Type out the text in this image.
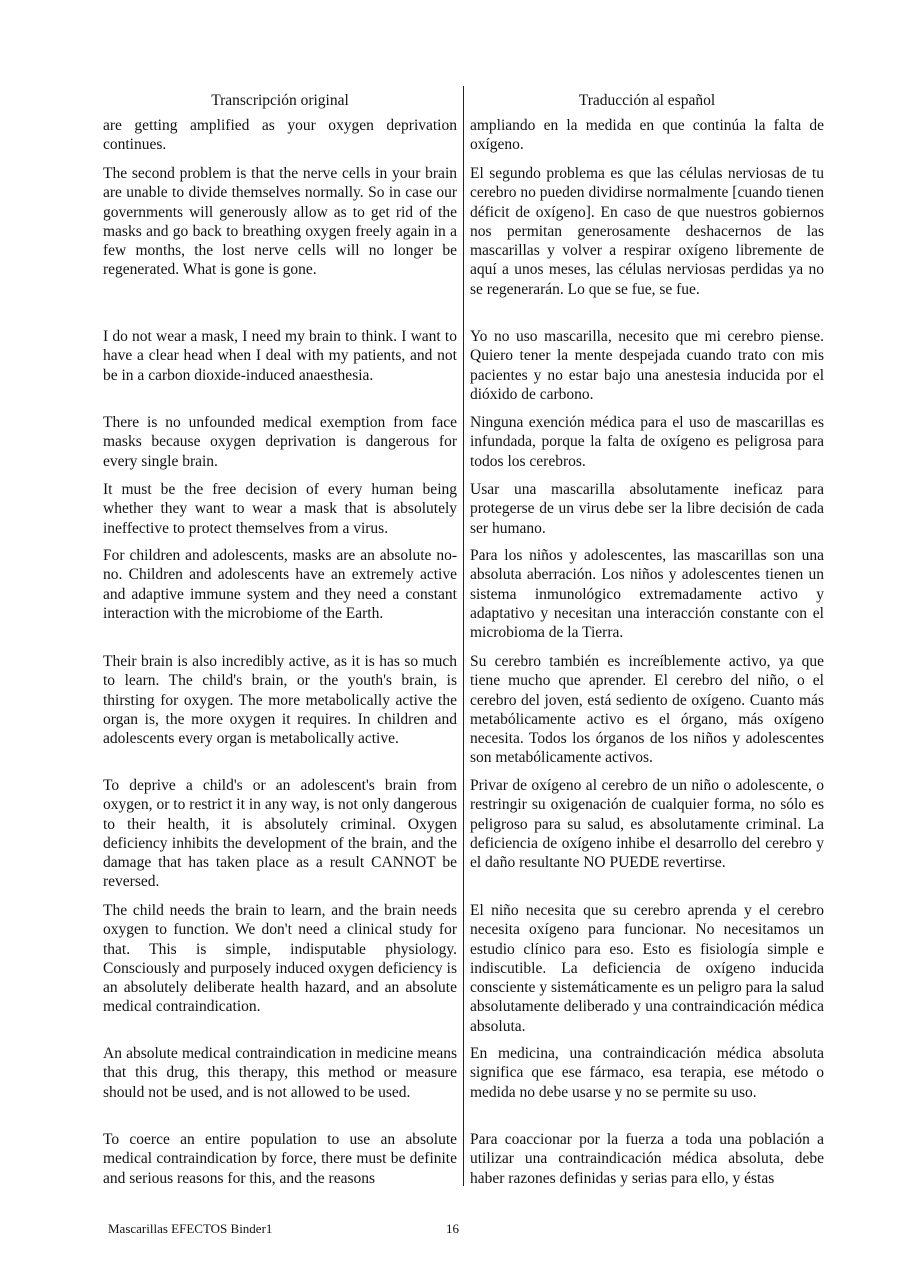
Transcripción original	Traducción al español

are getting amplified as your oxygen deprivation continues.

ampliando en la medida en que continúa la falta de oxígeno.

The second problem is that the nerve cells in your brain are unable to divide themselves normally. So in case our governments will generously allow as to get rid of the masks and go back to breathing oxygen freely again in a few months, the lost nerve cells will no longer be regenerated. What is gone is gone.

El segundo problema es que las células nerviosas de tu cerebro no pueden dividirse normalmente [cuando tienen déficit de oxígeno]. En caso de que nuestros gobiernos nos permitan generosamente deshacernos de las mascarillas y volver a respirar oxígeno libremente de aquí a unos meses, las células nerviosas perdidas ya no se regenerarán. Lo que se fue, se fue.

I do not wear a mask, I need my brain to think. I want to have a clear head when I deal with my patients, and not be in a carbon dioxide-induced anaesthesia.

Yo no uso mascarilla, necesito que mi cerebro piense. Quiero tener la mente despejada cuando trato con mis pacientes y no estar bajo una anestesia inducida por el dióxido de carbono.

There is no unfounded medical exemption from face masks because oxygen deprivation is dangerous for every single brain.

Ninguna exención médica para el uso de mascarillas es infundada, porque la falta de oxígeno es peligrosa para todos los cerebros.

It must be the free decision of every human being whether they want to wear a mask that is absolutely ineffective to protect themselves from a virus.

Usar una mascarilla absolutamente ineficaz para protegerse de un virus debe ser la libre decisión de cada ser humano.

For children and adolescents, masks are an absolute no-no. Children and adolescents have an extremely active and adaptive immune system and they need a constant interaction with the microbiome of the Earth.

Para los niños y adolescentes, las mascarillas son una absoluta aberración. Los niños y adolescentes tienen un sistema inmunológico extremadamente activo y adaptativo y necesitan una interacción constante con el microbioma de la Tierra.

Their brain is also incredibly active, as it is has so much to learn. The child's brain, or the youth's brain, is thirsting for oxygen. The more metabolically active the organ is, the more oxygen it requires. In children and adolescents every organ is metabolically active.

Su cerebro también es increíblemente activo, ya que tiene mucho que aprender. El cerebro del niño, o el cerebro del joven, está sediento de oxígeno. Cuanto más metabólicamente activo es el órgano, más oxígeno necesita. Todos los órganos de los niños y adolescentes son metabólicamente activos.

To deprive a child's or an adolescent's brain from oxygen, or to restrict it in any way, is not only dangerous to their health, it is absolutely criminal. Oxygen deficiency inhibits the development of the brain, and the damage that has taken place as a result CANNOT be reversed.

Privar de oxígeno al cerebro de un niño o adolescente, o restringir su oxigenación de cualquier forma, no sólo es peligroso para su salud, es absolutamente criminal. La deficiencia de oxígeno inhibe el desarrollo del cerebro y el daño resultante NO PUEDE revertirse.

The child needs the brain to learn, and the brain needs oxygen to function. We don't need a clinical study for that. This is simple, indisputable physiology. Consciously and purposely induced oxygen deficiency is an absolutely deliberate health hazard, and an absolute medical contraindication.

El niño necesita que su cerebro aprenda y el cerebro necesita oxígeno para funcionar. No necesitamos un estudio clínico para eso. Esto es fisiología simple e indiscutible. La deficiencia de oxígeno inducida consciente y sistemáticamente es un peligro para la salud absolutamente deliberado y una contraindicación médica absoluta.

An absolute medical contraindication in medicine means that this drug, this therapy, this method or measure should not be used, and is not allowed to be used.

En medicina, una contraindicación médica absoluta significa que ese fármaco, esa terapia, ese método o medida no debe usarse y no se permite su uso.

To coerce an entire population to use an absolute medical contraindication by force, there must be definite and serious reasons for this, and the reasons

Para coaccionar por la fuerza a toda una población a utilizar una contraindicación médica absoluta, debe haber razones definidas y serias para ello, y éstas

Mascarillas EFECTOS Binder1	16
